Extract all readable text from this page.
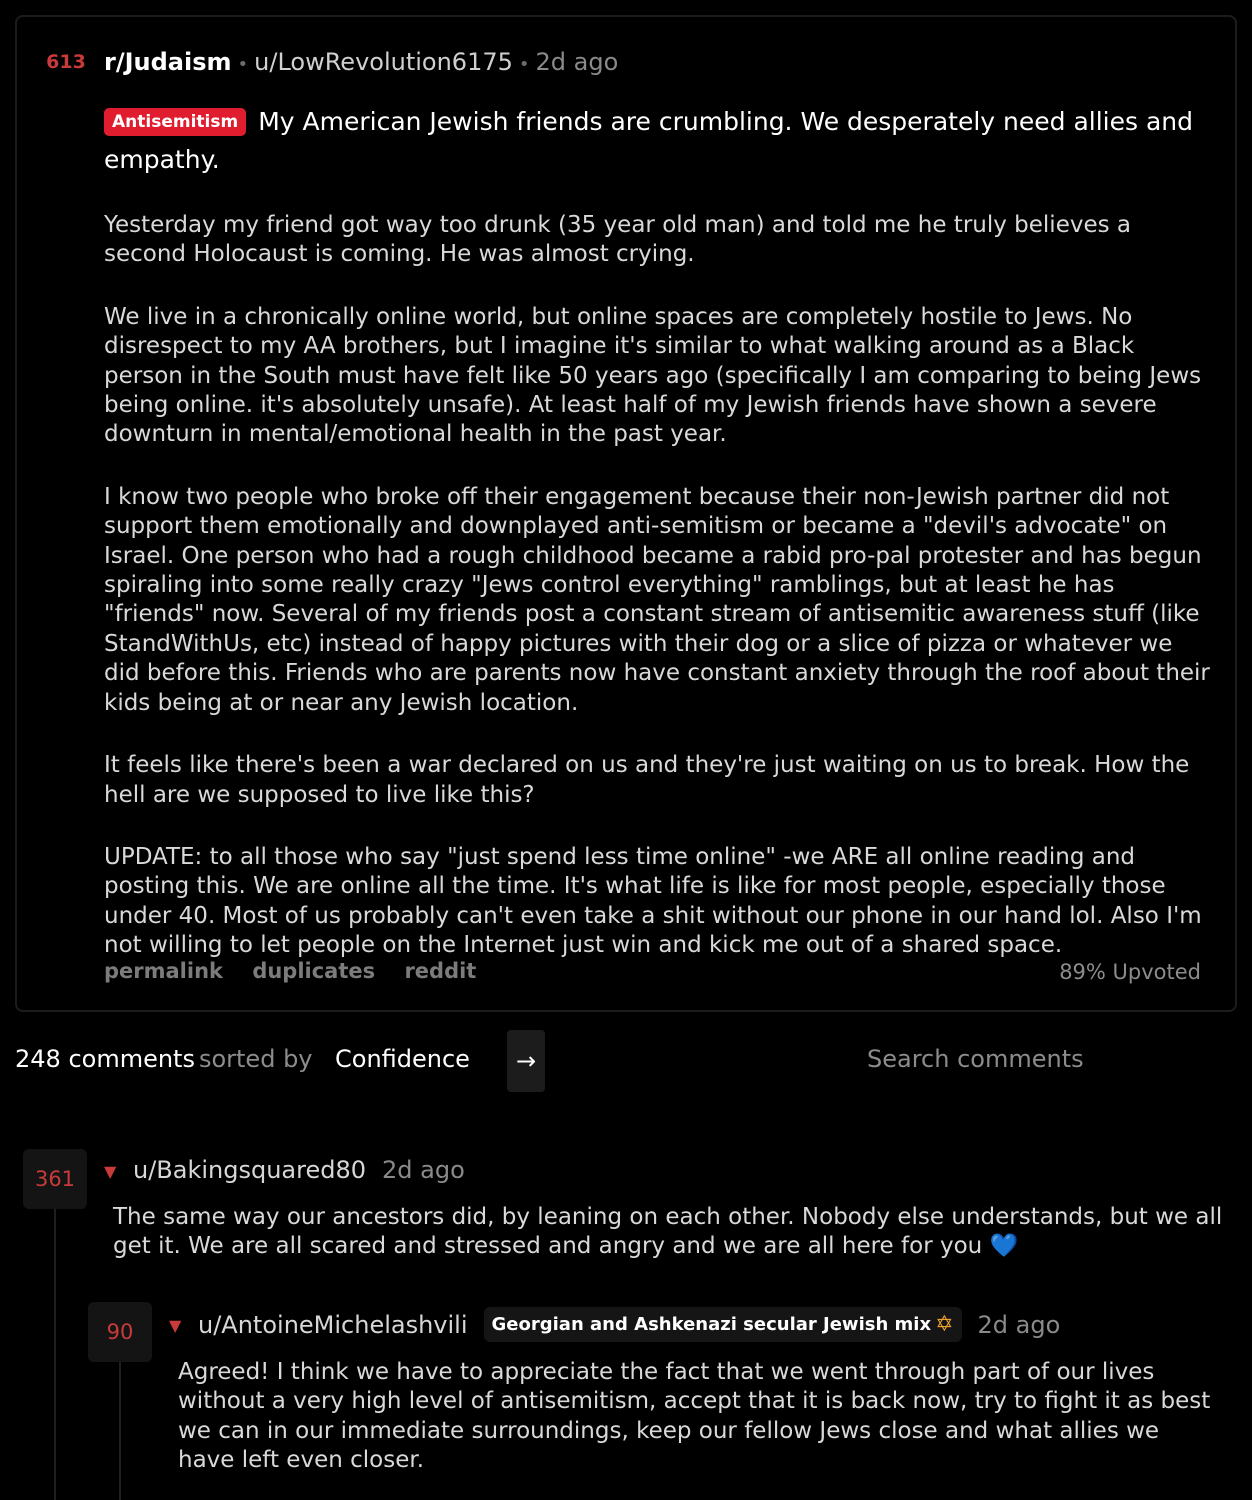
613 r/Judaism • u/LowRevolution6175 • 2d ago
Antisemitism My American Jewish friends are crumbling. We desperately need allies and empathy.

Yesterday my friend got way too drunk (35 year old man) and told me he truly believes a second Holocaust is coming. He was almost crying.

We live in a chronically online world, but online spaces are completely hostile to Jews. No disrespect to my AA brothers, but I imagine it's similar to what walking around as a Black person in the South must have felt like 50 years ago (specifically I am comparing to being Jews being online. it's absolutely unsafe). At least half of my Jewish friends have shown a severe downturn in mental/emotional health in the past year.

I know two people who broke off their engagement because their non-Jewish partner did not support them emotionally and downplayed anti-semitism or became a "devil's advocate" on Israel. One person who had a rough childhood became a rabid pro-pal protester and has begun spiraling into some really crazy "Jews control everything" ramblings, but at least he has "friends" now. Several of my friends post a constant stream of antisemitic awareness stuff (like StandWithUs, etc) instead of happy pictures with their dog or a slice of pizza or whatever we did before this. Friends who are parents now have constant anxiety through the roof about their kids being at or near any Jewish location.

It feels like there's been a war declared on us and they're just waiting on us to break. How the hell are we supposed to live like this?

UPDATE: to all those who say "just spend less time online" -we ARE all online reading and posting this. We are online all the time. It's what life is like for most people, especially those under 40. Most of us probably can't even take a shit without our phone in our hand lol. Also I'm not willing to let people on the Internet just win and kick me out of a shared space.

permalink duplicates reddit	89% Upvoted
248 comments sorted by Confidence →
Search comments
361	▼ u/Bakingsquared80 2d ago
The same way our ancestors did, by leaning on each other. Nobody else understands, but we all get it. We are all scared and stressed and angry and we are all here for you 💙
90	▼ u/AntoineMichelashvili Georgian and Ashkenazi secular Jewish mix ✡ 2d ago
Agreed! I think we have to appreciate the fact that we went through part of our lives without a very high level of antisemitism, accept that it is back now, try to fight it as best we can in our immediate surroundings, keep our fellow Jews close and what allies we have left even closer.
